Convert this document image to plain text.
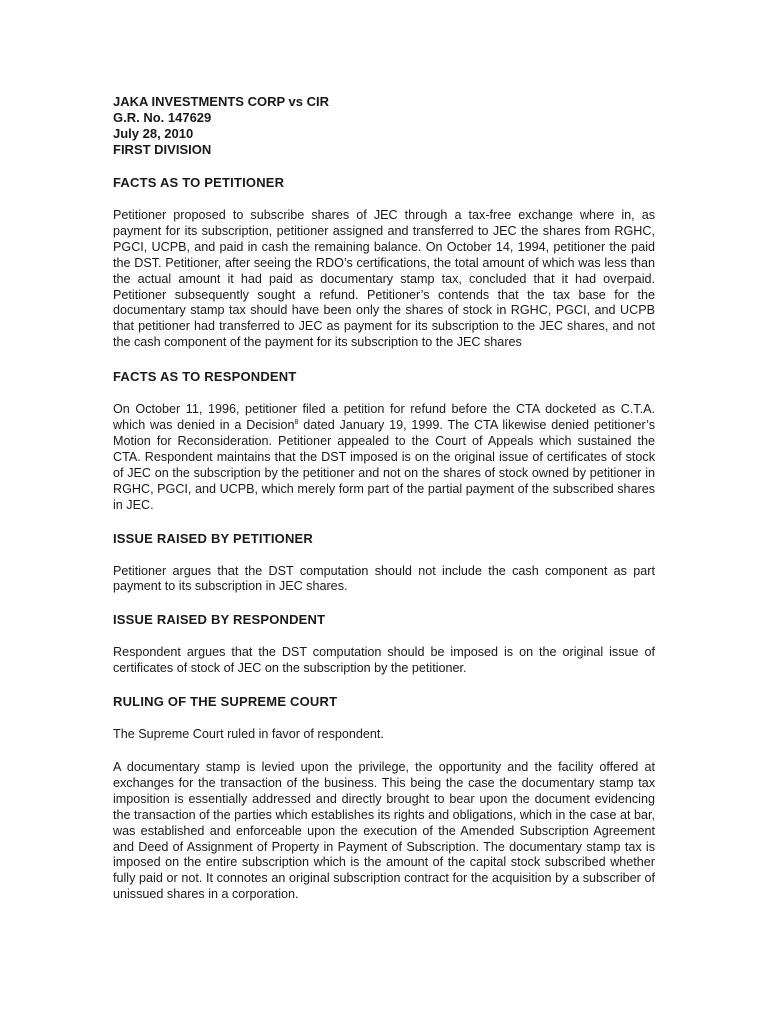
JAKA INVESTMENTS CORP vs CIR
G.R. No. 147629
July 28, 2010
FIRST DIVISION
FACTS AS TO PETITIONER

Petitioner proposed to subscribe shares of JEC through a tax-free exchange where in, as payment for its subscription, petitioner assigned and transferred to JEC the shares from RGHC, PGCI, UCPB, and paid in cash the remaining balance. On October 14, 1994, petitioner the paid the DST. Petitioner, after seeing the RDO’s certifications, the total amount of which was less than the actual amount it had paid as documentary stamp tax, concluded that it had overpaid. Petitioner subsequently sought a refund. Petitioner’s contends that the tax base for the documentary stamp tax should have been only the shares of stock in RGHC, PGCI, and UCPB that petitioner had transferred to JEC as payment for its subscription to the JEC shares, and not the cash component of the payment for its subscription to the JEC shares

FACTS AS TO RESPONDENT

On October 11, 1996, petitioner filed a petition for refund before the CTA docketed as C.T.A. which was denied in a Decision$^8$ dated January 19, 1999. The CTA likewise denied petitioner’s Motion for Reconsideration. Petitioner appealed to the Court of Appeals which sustained the CTA. Respondent maintains that the DST imposed is on the original issue of certificates of stock of JEC on the subscription by the petitioner and not on the shares of stock owned by petitioner in RGHC, PGCI, and UCPB, which merely form part of the partial payment of the subscribed shares in JEC.

ISSUE RAISED BY PETITIONER

Petitioner argues that the DST computation should not include the cash component as part payment to its subscription in JEC shares.

ISSUE RAISED BY RESPONDENT

Respondent argues that the DST computation should be imposed is on the original issue of certificates of stock of JEC on the subscription by the petitioner.

RULING OF THE SUPREME COURT

The Supreme Court ruled in favor of respondent.

A documentary stamp is levied upon the privilege, the opportunity and the facility offered at exchanges for the transaction of the business. This being the case the documentary stamp tax imposition is essentially addressed and directly brought to bear upon the document evidencing the transaction of the parties which establishes its rights and obligations, which in the case at bar, was established and enforceable upon the execution of the Amended Subscription Agreement and Deed of Assignment of Property in Payment of Subscription. The documentary stamp tax is imposed on the entire subscription which is the amount of the capital stock subscribed whether fully paid or not. It connotes an original subscription contract for the acquisition by a subscriber of unissued shares in a corporation.
